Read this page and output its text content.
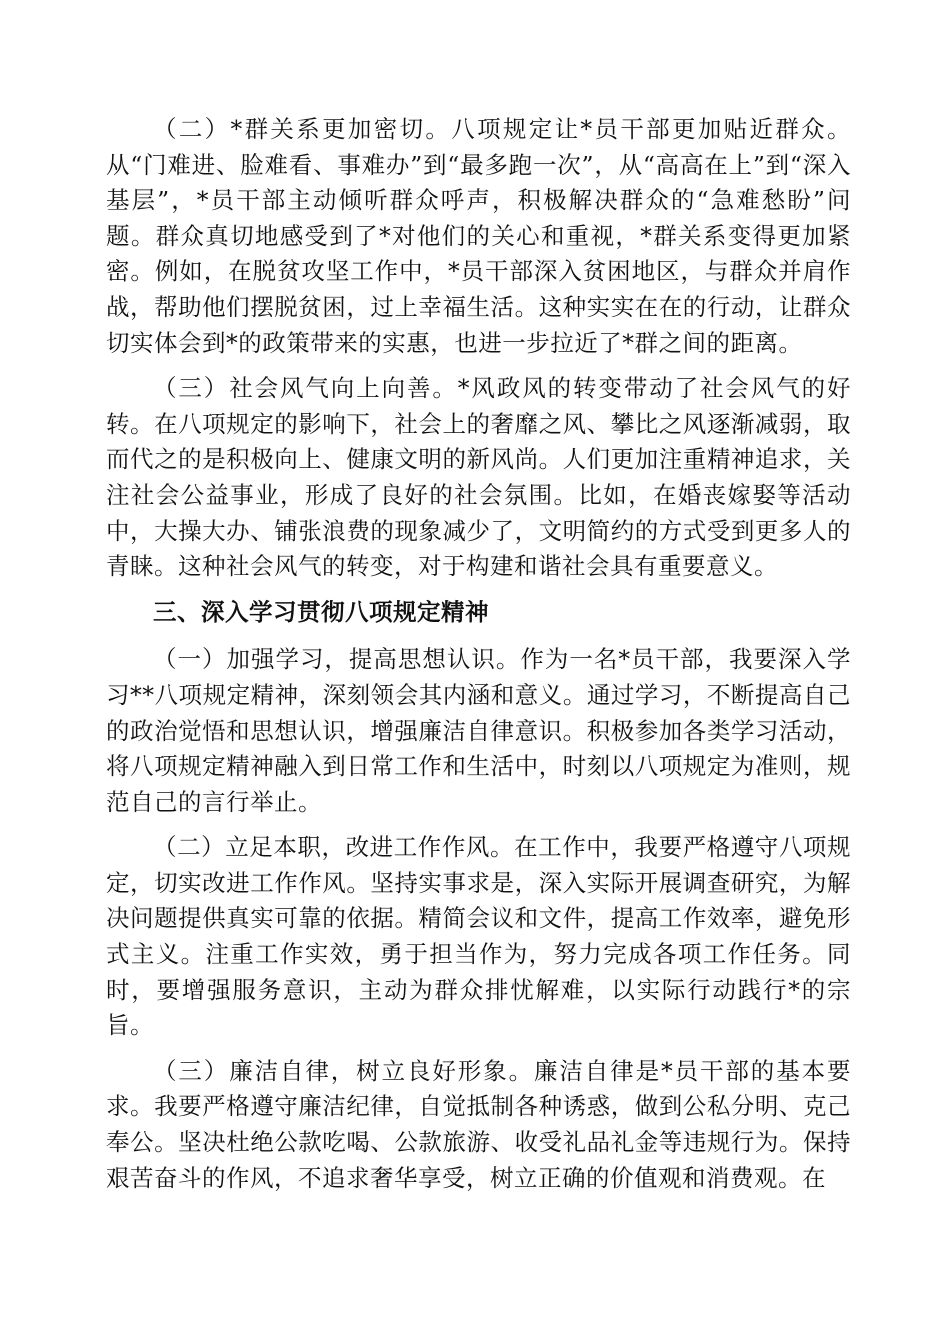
（二）*群关系更加密切。八项规定让*员干部更加贴近群众。从“门难进、脸难看、事难办”到“最多跑一次”，从“高高在上”到“深入基层”，*员干部主动倾听群众呼声，积极解决群众的“急难愁盼”问题。群众真切地感受到了*对他们的关心和重视，*群关系变得更加紧密。例如，在脱贫攻坚工作中，*员干部深入贫困地区，与群众并肩作战，帮助他们摆脱贫困，过上幸福生活。这种实实在在的行动，让群众切实体会到*的政策带来的实惠，也进一步拉近了*群之间的距离。

（三）社会风气向上向善。*风政风的转变带动了社会风气的好转。在八项规定的影响下，社会上的奢靡之风、攀比之风逐渐减弱，取而代之的是积极向上、健康文明的新风尚。人们更加注重精神追求，关注社会公益事业，形成了良好的社会氛围。比如，在婚丧嫁娶等活动中，大操大办、铺张浪费的现象减少了，文明简约的方式受到更多人的青睐。这种社会风气的转变，对于构建和谐社会具有重要意义。

三、深入学习贯彻八项规定精神

（一）加强学习，提高思想认识。作为一名*员干部，我要深入学习**八项规定精神，深刻领会其内涵和意义。通过学习，不断提高自己的政治觉悟和思想认识，增强廉洁自律意识。积极参加各类学习活动，将八项规定精神融入到日常工作和生活中，时刻以八项规定为准则，规范自己的言行举止。

（二）立足本职，改进工作作风。在工作中，我要严格遵守八项规定，切实改进工作作风。坚持实事求是，深入实际开展调查研究，为解决问题提供真实可靠的依据。精简会议和文件，提高工作效率，避免形式主义。注重工作实效，勇于担当作为，努力完成各项工作任务。同时，要增强服务意识，主动为群众排忧解难，以实际行动践行*的宗旨。

（三）廉洁自律，树立良好形象。廉洁自律是*员干部的基本要求。我要严格遵守廉洁纪律，自觉抵制各种诱惑，做到公私分明、克己奉公。坚决杜绝公款吃喝、公款旅游、收受礼品礼金等违规行为。保持艰苦奋斗的作风，不追求奢华享受，树立正确的价值观和消费观。在
